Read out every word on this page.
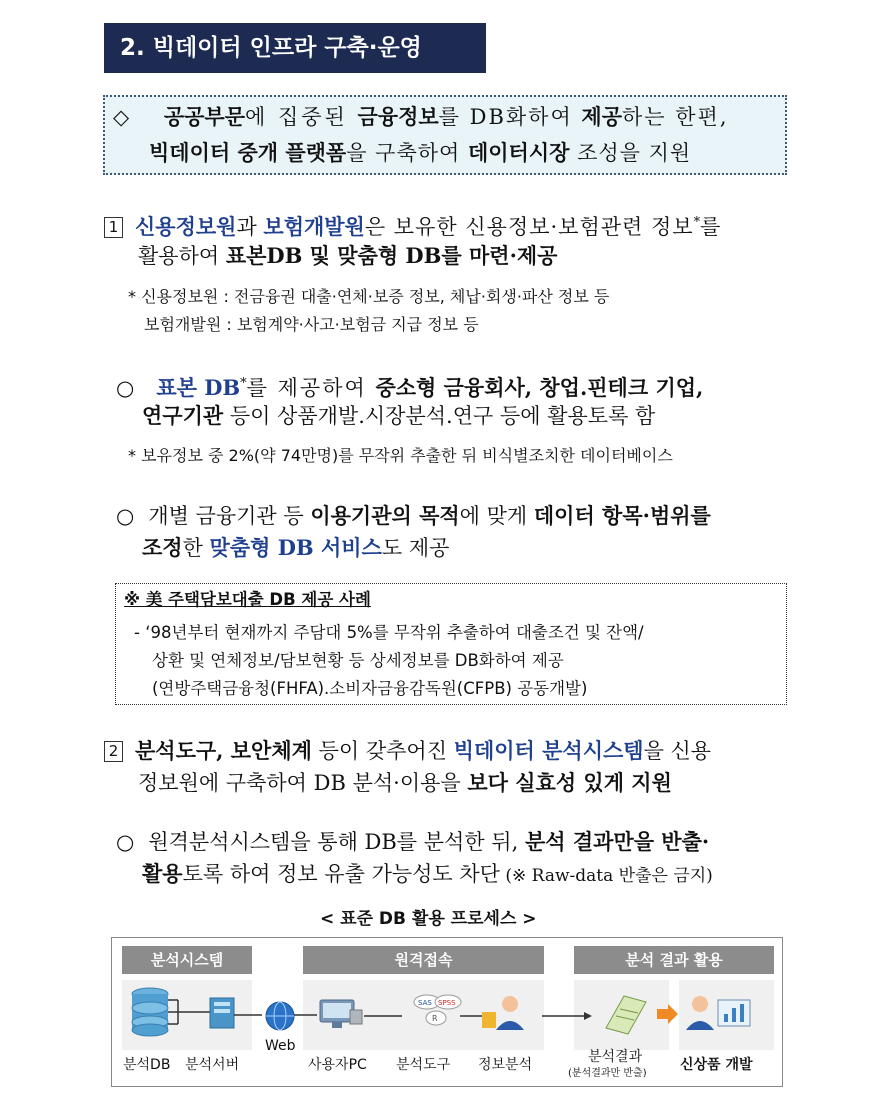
2. 빅데이터 인프라 구축·운영
◇ 공공부문에 집중된 금융정보를 DB화하여 제공하는 한편,
빅데이터 중개 플랫폼을 구축하여 데이터시장 조성을 지원
1 신용정보원과 보험개발원은 보유한 신용정보·보험관련 정보*를
활용하여 표본DB 및 맞춤형 DB를 마련·제공
* 신용정보원 : 전금융권 대출·연체·보증 정보, 체납·회생·파산 정보 등
보험개발원 : 보험계약·사고·보험금 지급 정보 등
○ 표본 DB*를 제공하여 중소형 금융회사, 창업.핀테크 기업,
연구기관 등이 상품개발.시장분석.연구 등에 활용토록 함
* 보유정보 중 2%(약 74만명)를 무작위 추출한 뒤 비식별조치한 데이터베이스
○ 개별 금융기관 등 이용기관의 목적에 맞게 데이터 항목·범위를
조정한 맞춤형 DB 서비스도 제공
※ 美 주택담보대출 DB 제공 사례
- ‘98년부터 현재까지 주담대 5%를 무작위 추출하여 대출조건 및 잔액/
상환 및 연체정보/담보현황 등 상세정보를 DB화하여 제공
(연방주택금융청(FHFA).소비자금융감독원(CFPB) 공동개발)
2 분석도구, 보안체계 등이 갖추어진 빅데이터 분석시스템을 신용
정보원에 구축하여 DB 분석·이용을 보다 실효성 있게 지원
○ 원격분석시스템을 통해 DB를 분석한 뒤, 분석 결과만을 반출·
활용토록 하여 정보 유출 가능성도 차단 (※ Raw-data 반출은 금지)
< 표준 DB 활용 프로세스 >
분석시스템	원격접속	분석 결과 활용
SAS SPSS
R
분석DB 분석서버
Web
사용자PC 분석도구 정보분석	분석결과
(분석결과만 반출)
신상품 개발
